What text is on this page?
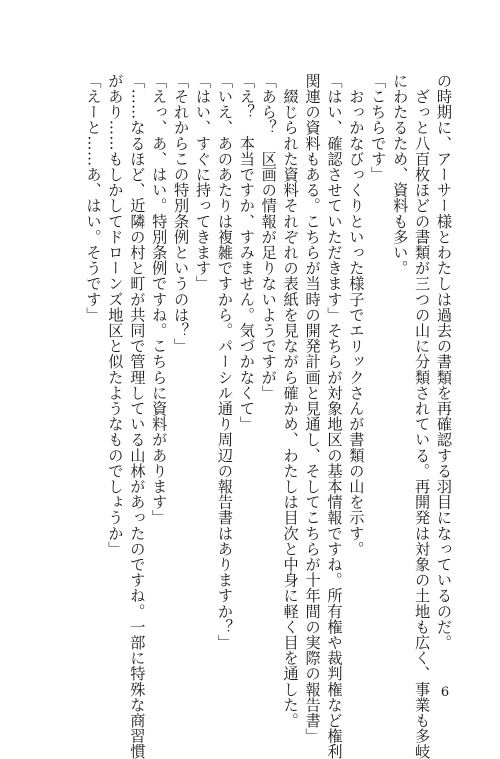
の時期に、アーサー様とわたしは過去の書類を再確認する羽目になっているのだ。
　ざっと八百枚ほどの書類が三つの山に分類されている。再開発は対象の土地も広く、事業も多岐
にわたるため、資料も多い。
「こちらです」
　おっかなびっくりといった様子でエリックさんが書類の山を示す。
「はい、確認させていただきます」そちらが対象地区の基本情報ですね。所有権や裁判権など権利
関連の資料もある。こちらが当時の開発計画と見通し、そしてこちらが十年間の実際の報告書」
　綴じられた資料それぞれの表紙を見ながら確かめ、わたしは目次と中身に軽く目を通した。
「あら？　区画の情報が足りないようですが」
「え？　本当ですか、すみません。気づかなくて」
「いえ、あのあたりは複雑ですから。パーシル通り周辺の報告書はありますか？」
「はい、すぐに持ってきます」
「それからこの特別条例というのは？」
「えっ、あ、はい。特別条例ですね。こちらに資料があります」
「……なるほど、近隣の村と町が共同で管理している山林があったのですね。一部に特殊な商習慣
があり……もしかしてドローンズ地区と似たようなものでしょうか」
「えーと……あ、はい。そうです」
6
